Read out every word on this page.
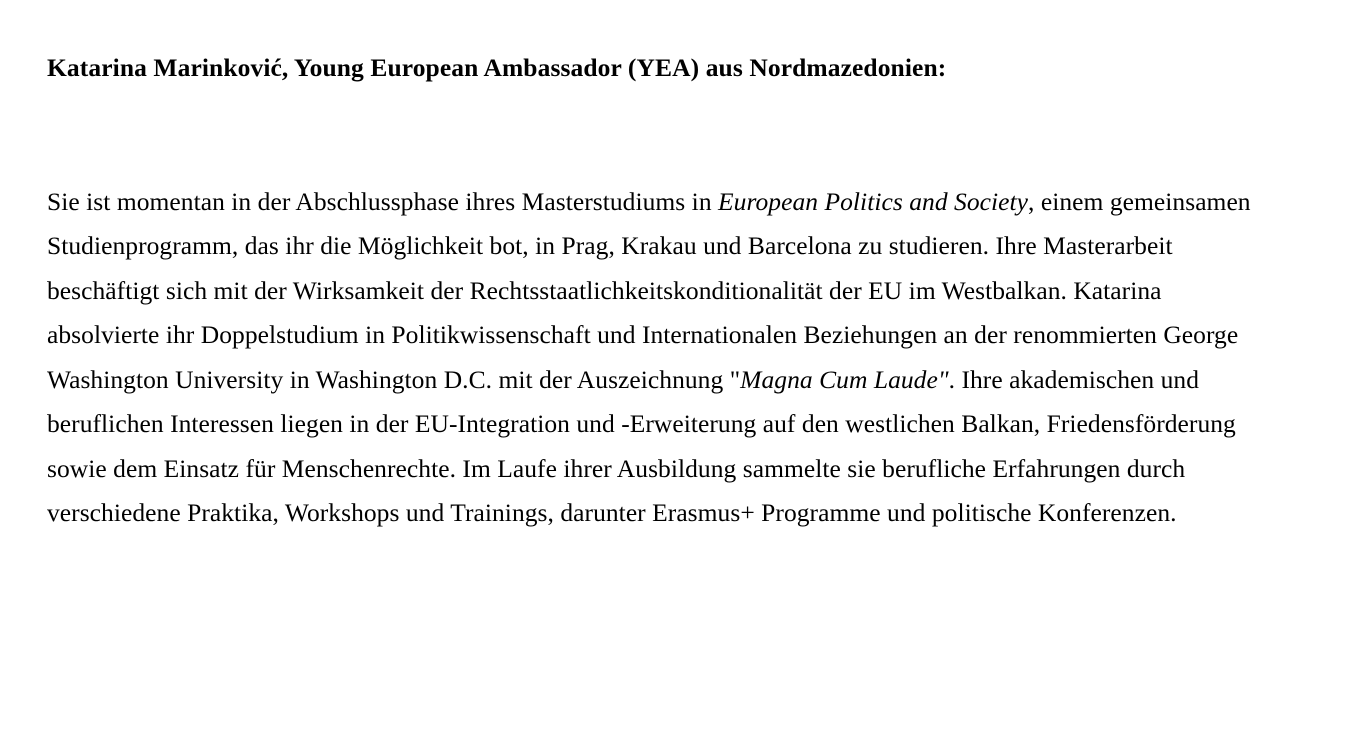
Katarina Marinković, Young European Ambassador (YEA) aus Nordmazedonien:

Sie ist momentan in der Abschlussphase ihres Masterstudiums in European Politics and Society, einem gemeinsamen Studienprogramm, das ihr die Möglichkeit bot, in Prag, Krakau und Barcelona zu studieren. Ihre Masterarbeit beschäftigt sich mit der Wirksamkeit der Rechtsstaatlichkeitskonditionalität der EU im Westbalkan. Katarina absolvierte ihr Doppelstudium in Politikwissenschaft und Internationalen Beziehungen an der renommierten George Washington University in Washington D.C. mit der Auszeichnung "Magna Cum Laude". Ihre akademischen und beruflichen Interessen liegen in der EU-Integration und -Erweiterung auf den westlichen Balkan, Friedensförderung sowie dem Einsatz für Menschenrechte. Im Laufe ihrer Ausbildung sammelte sie berufliche Erfahrungen durch verschiedene Praktika, Workshops und Trainings, darunter Erasmus+ Programme und politische Konferenzen.
